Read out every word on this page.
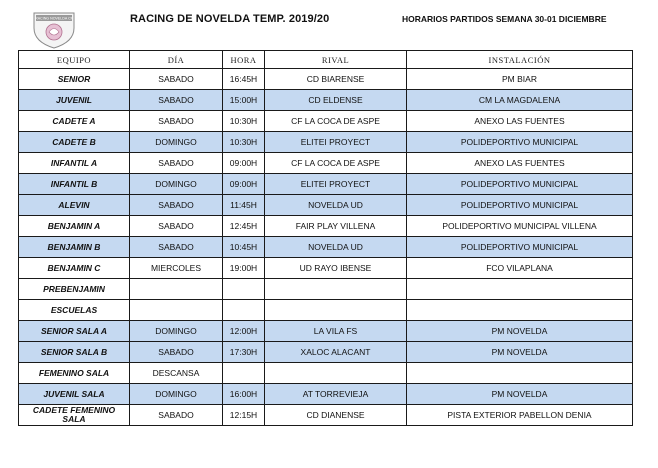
RACING NOVELDA CF	RACING DE NOVELDA TEMP. 2019/20	HORARIOS PARTIDOS SEMANA 30-01 DICIEMBRE
EQUIPO	DÍA	HORA	RIVAL	INSTALACIÓN
SENIOR	SABADO	16:45H	CD BIARENSE	PM BIAR
JUVENIL	SABADO	15:00H	CD ELDENSE	CM LA MAGDALENA
CADETE A	SABADO	10:30H	CF LA COCA DE ASPE	ANEXO LAS FUENTES
CADETE B	DOMINGO	10:30H	ELITEI PROYECT	POLIDEPORTIVO MUNICIPAL
INFANTIL A	SABADO	09:00H	CF LA COCA DE ASPE	ANEXO LAS FUENTES
INFANTIL B	DOMINGO	09:00H	ELITEI PROYECT	POLIDEPORTIVO MUNICIPAL
ALEVIN	SABADO	11:45H	NOVELDA UD	POLIDEPORTIVO MUNICIPAL
BENJAMIN A	SABADO	12:45H	FAIR PLAY VILLENA	POLIDEPORTIVO MUNICIPAL VILLENA
BENJAMIN B	SABADO	10:45H	NOVELDA UD	POLIDEPORTIVO MUNICIPAL
BENJAMIN C	MIERCOLES	19:00H	UD RAYO IBENSE	FCO VILAPLANA
PREBENJAMIN				
ESCUELAS				
SENIOR SALA A	DOMINGO	12:00H	LA VILA FS	PM NOVELDA
SENIOR SALA B	SABADO	17:30H	XALOC ALACANT	PM NOVELDA
FEMENINO SALA	DESCANSA			
JUVENIL SALA	DOMINGO	16:00H	AT TORREVIEJA	PM NOVELDA
CADETE FEMENINO SALA	SABADO	12:15H	CD DIANENSE	PISTA EXTERIOR PABELLON DENIA
